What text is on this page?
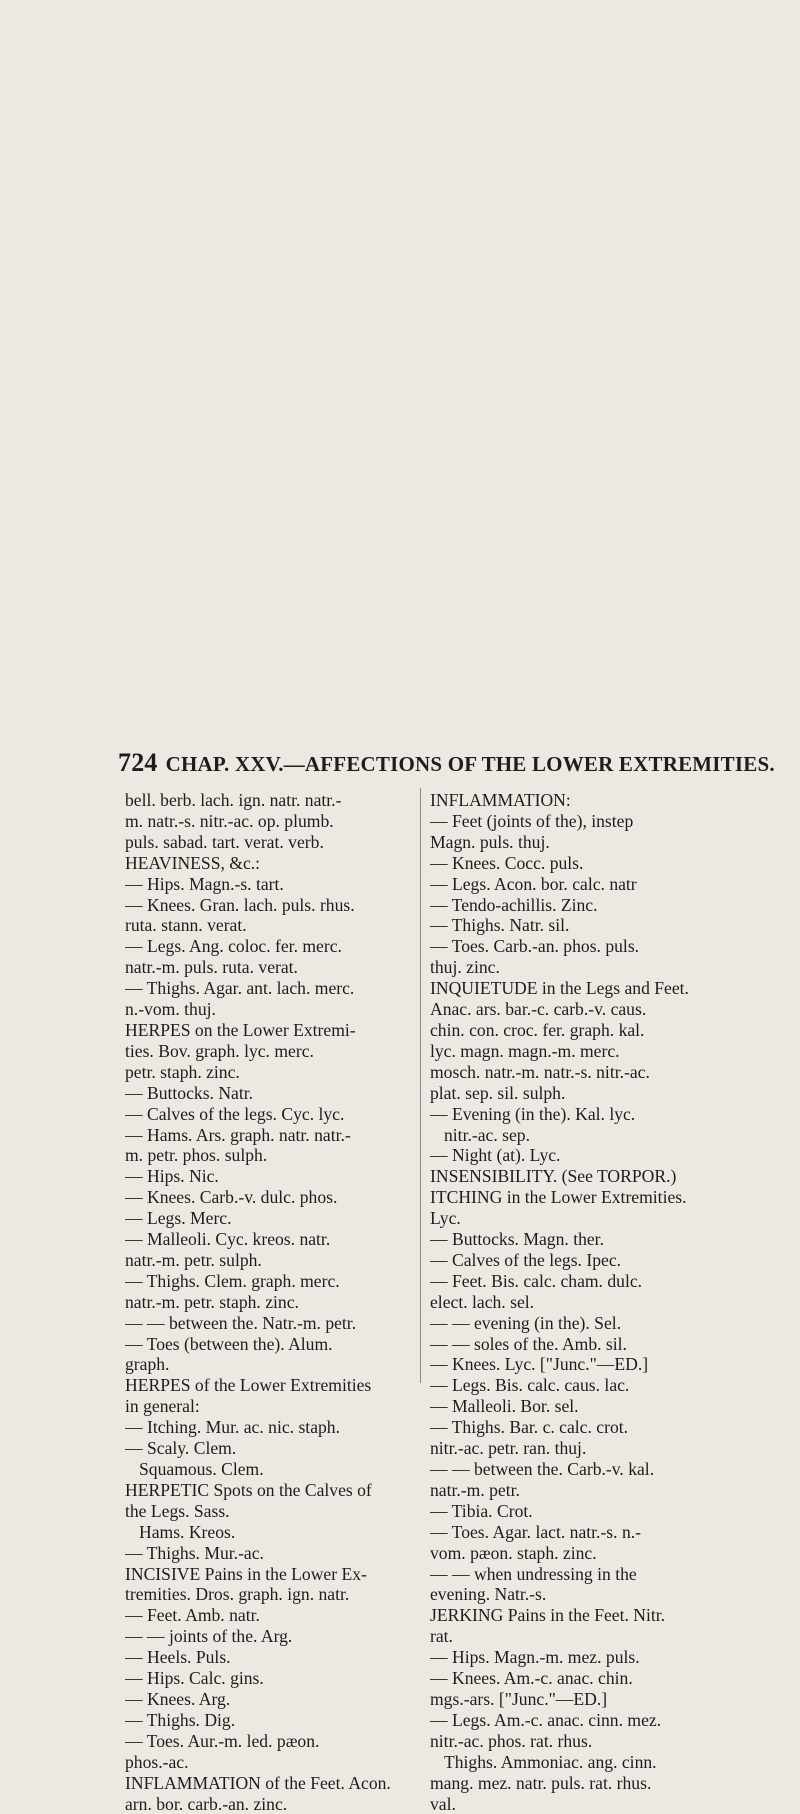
724 CHAP. XXV.—AFFECTIONS OF THE LOWER EXTREMITIES.
bell. berb. lach. ign. natr. natr.-
m. natr.-s. nitr.-ac. op. plumb.
puls. sabad. tart. verat. verb.
HEAVINESS, &c.:
— Hips. Magn.-s. tart.
— Knees. Gran. lach. puls. rhus.
ruta. stann. verat.
— Legs. Ang. coloc. fer. merc.
natr.-m. puls. ruta. verat.
— Thighs. Agar. ant. lach. merc.
n.-vom. thuj.
HERPES on the Lower Extremi-
ties. Bov. graph. lyc. merc.
petr. staph. zinc.
— Buttocks. Natr.
— Calves of the legs. Cyc. lyc.
— Hams. Ars. graph. natr. natr.-
m. petr. phos. sulph.
— Hips. Nic.
— Knees. Carb.-v. dulc. phos.
— Legs. Merc.
— Malleoli. Cyc. kreos. natr.
natr.-m. petr. sulph.
— Thighs. Clem. graph. merc.
natr.-m. petr. staph. zinc.
— — between the. Natr.-m. petr.
— Toes (between the). Alum.
graph.
HERPES of the Lower Extremities
in general:
— Itching. Mur. ac. nic. staph.
— Scaly. Clem.
Squamous. Clem.
HERPETIC Spots on the Calves of
the Legs. Sass.
Hams. Kreos.
— Thighs. Mur.-ac.
INCISIVE Pains in the Lower Ex-
tremities. Dros. graph. ign. natr.
— Feet. Amb. natr.
— — joints of the. Arg.
— Heels. Puls.
— Hips. Calc. gins.
— Knees. Arg.
— Thighs. Dig.
— Toes. Aur.-m. led. pæon.
phos.-ac.
INFLAMMATION of the Feet. Acon.
arn. bor. carb.-an. zinc.
INFLAMMATION:
— Feet (joints of the), instep
Magn. puls. thuj.
— Knees. Cocc. puls.
— Legs. Acon. bor. calc. natr
— Tendo-achillis. Zinc.
— Thighs. Natr. sil.
— Toes. Carb.-an. phos. puls.
thuj. zinc.
INQUIETUDE in the Legs and Feet.
Anac. ars. bar.-c. carb.-v. caus.
chin. con. croc. fer. graph. kal.
lyc. magn. magn.-m. merc.
mosch. natr.-m. natr.-s. nitr.-ac.
plat. sep. sil. sulph.
— Evening (in the). Kal. lyc.
nitr.-ac. sep.
— Night (at). Lyc.
INSENSIBILITY. (See TORPOR.)
ITCHING in the Lower Extremities.
Lyc.
— Buttocks. Magn. ther.
— Calves of the legs. Ipec.
— Feet. Bis. calc. cham. dulc.
elect. lach. sel.
— — evening (in the). Sel.
— — soles of the. Amb. sil.
— Knees. Lyc. ["Junc."—ED.]
— Legs. Bis. calc. caus. lac.
— Malleoli. Bor. sel.
— Thighs. Bar. c. calc. crot.
nitr.-ac. petr. ran. thuj.
— — between the. Carb.-v. kal.
natr.-m. petr.
— Tibia. Crot.
— Toes. Agar. lact. natr.-s. n.-
vom. pæon. staph. zinc.
— — when undressing in the
evening. Natr.-s.
JERKING Pains in the Feet. Nitr.
rat.
— Hips. Magn.-m. mez. puls.
— Knees. Am.-c. anac. chin.
mgs.-ars. ["Junc."—ED.]
— Legs. Am.-c. anac. cinn. mez.
nitr.-ac. phos. rat. rhus.
Thighs. Ammoniac. ang. cinn.
mang. mez. natr. puls. rat. rhus.
val.
